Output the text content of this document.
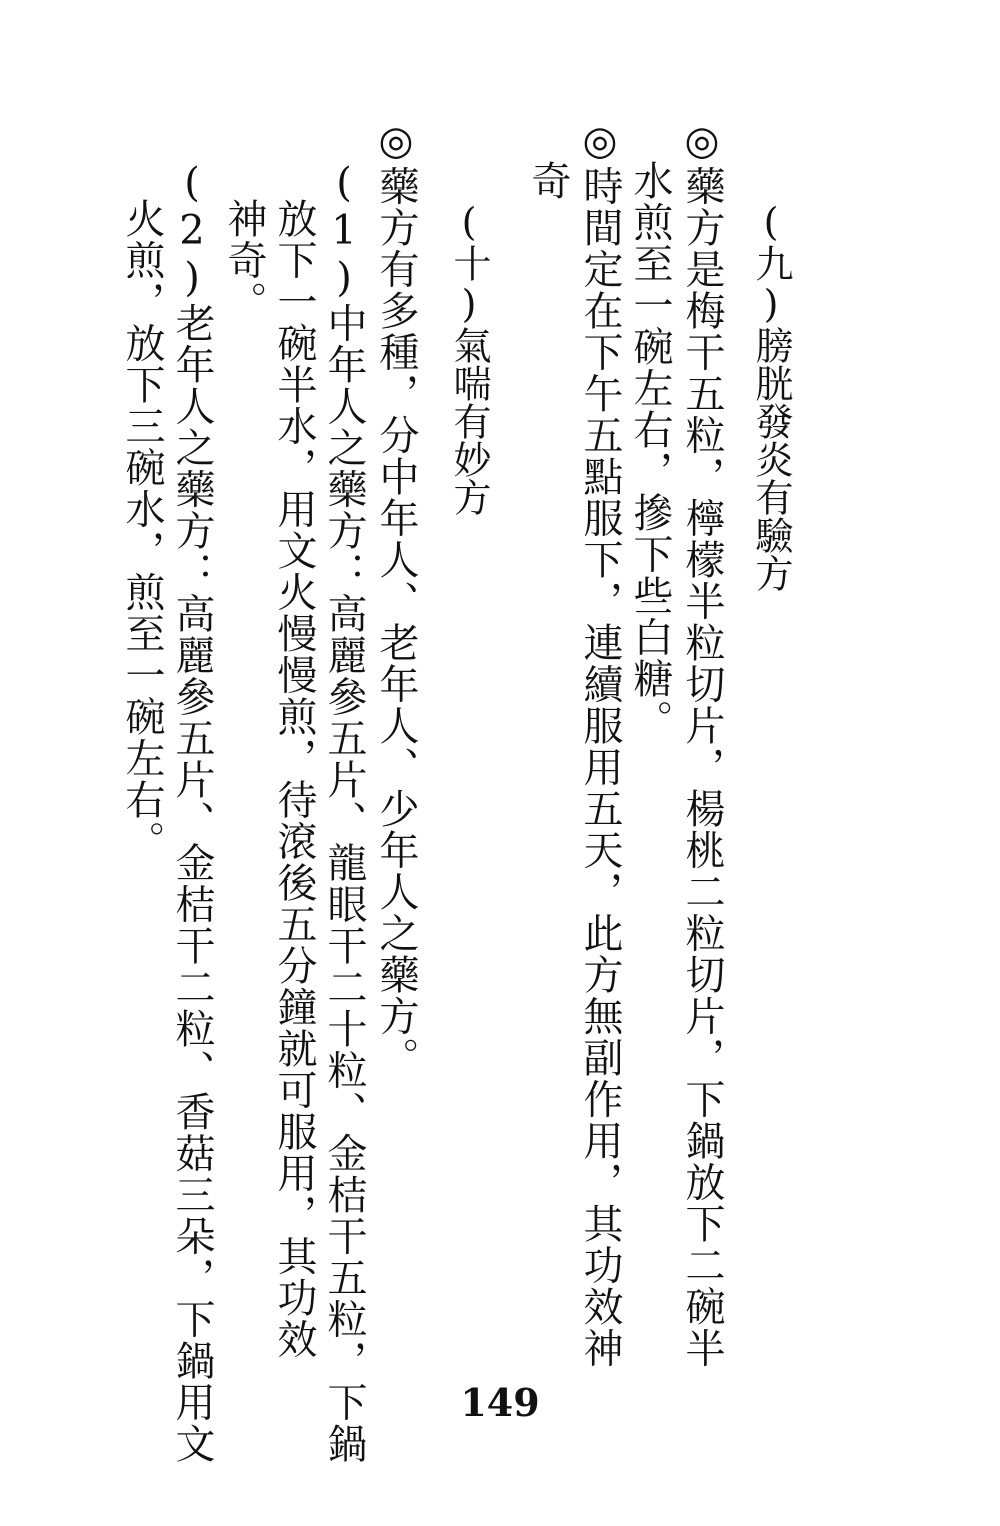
(九)膀胱發炎有驗方
◎藥方是梅干五粒，檸檬半粒切片，楊桃二粒切片，下鍋放下二碗半
水煎至一碗左右，摻下些白糖。
◎時間定在下午五點服下，連續服用五天，此方無副作用，其功效神
奇
(十)氣喘有妙方
◎藥方有多種，分中年人、老年人、少年人之藥方。
(1)中年人之藥方：高麗參五片、龍眼干二十粒、金桔干五粒，下鍋
放下一碗半水，用文火慢慢煎，待滾後五分鐘就可服用，其功效
神奇。
(2)老年人之藥方：高麗參五片、金桔干二粒、香菇三朵，下鍋用文
火煎，放下三碗水，煎至一碗左右。
149
